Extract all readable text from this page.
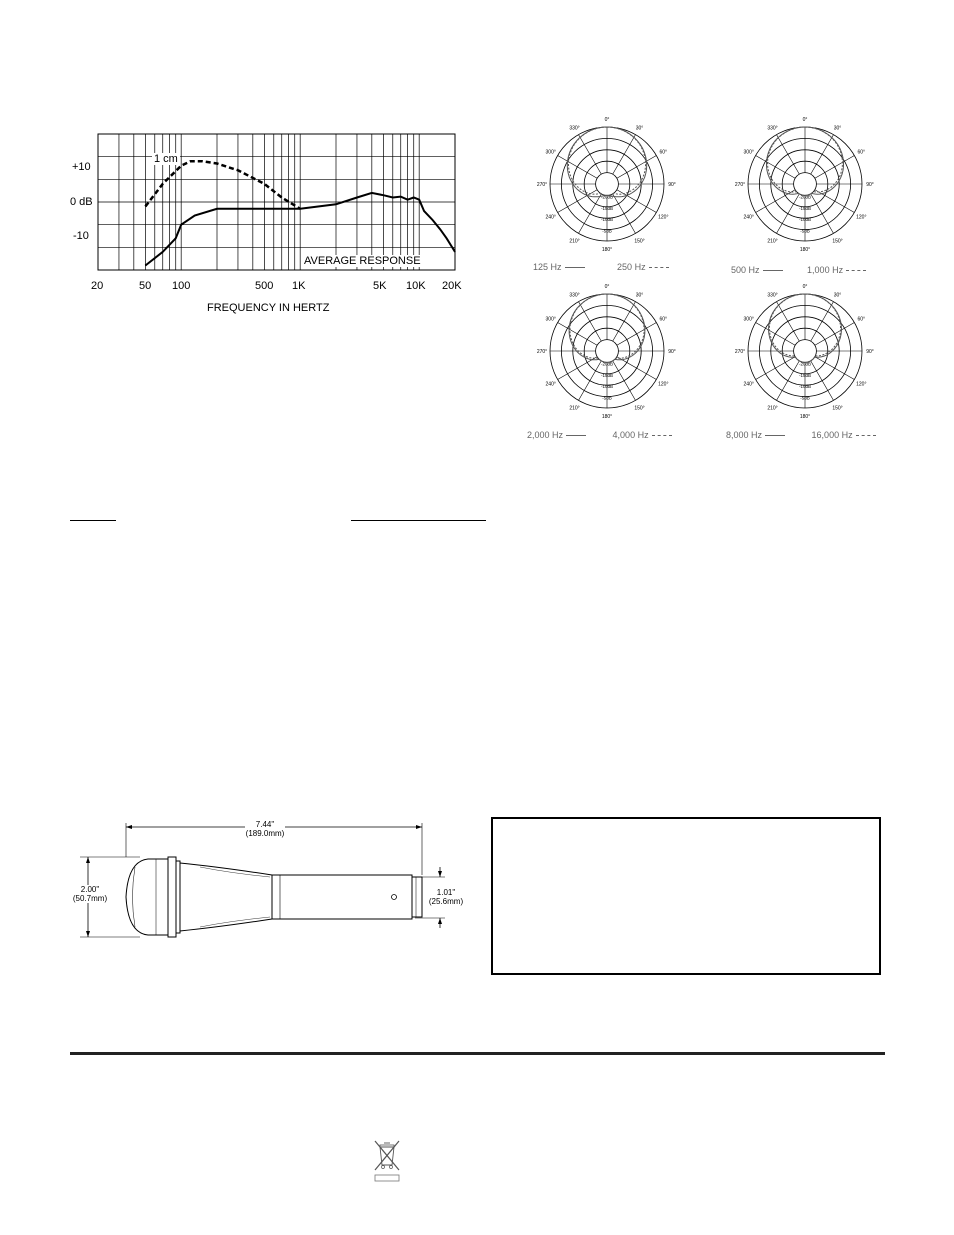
+10
0 dB
-10
20	50 100	500 1K	5K 10K 20K
FREQUENCY IN HERTZ
1 cm
AVERAGE RESPONSE
0°
30°
60°
90°
120°
150°
180°
210°
240°
270°
300°
330°
-20dB
-15dB
-10dB
-5dB
0°
30°
60°
90°
120°
150°
180°
210°
240°
270°
300°
330°
-20dB
-15dB
-10dB
-5dB
0°
30°
60°
90°
120°
150°
180°
210°
240°
270°
300°
330°
-20dB
-15dB
-10dB
-5dB
0°
30°
60°
90°
120°
150°
180°
210°
240°
270°
300°
330°
-20dB
-15dB
-10dB
-5dB
125 Hz	250 Hz	500 Hz	1,000 Hz
2,000 Hz	4,000 Hz	8,000 Hz	16,000 Hz
7.44"
(189.0mm)
2.00"
(50.7mm)
1.01"
(25.6mm)
